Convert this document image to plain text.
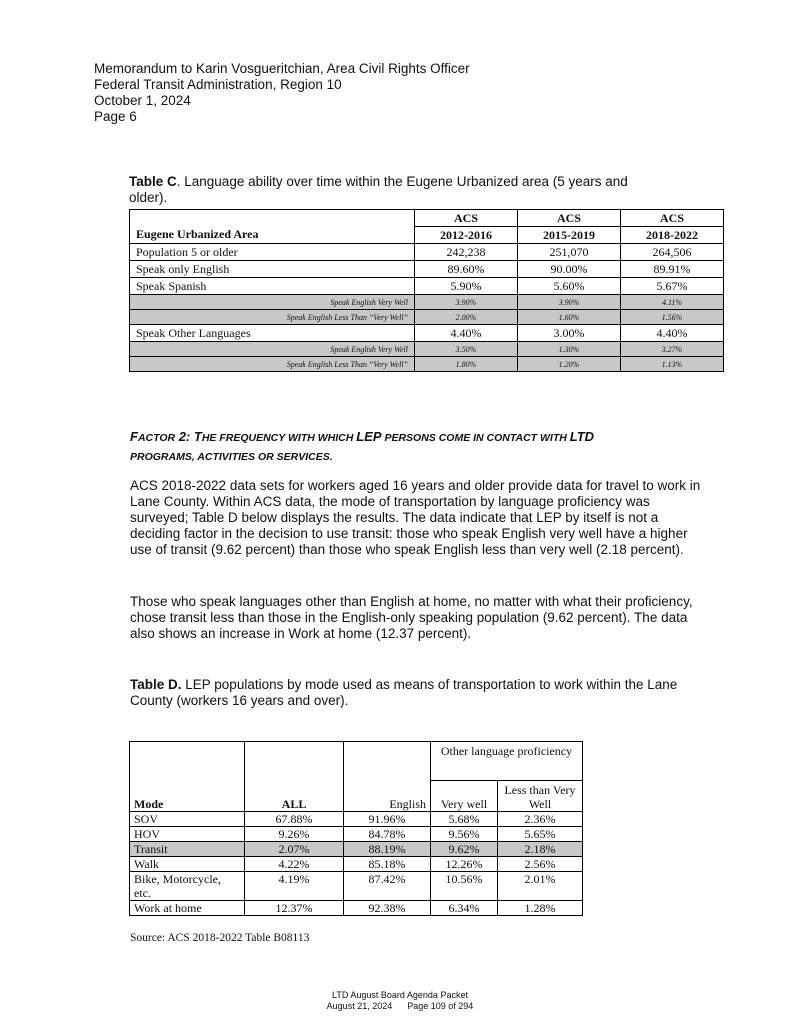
Memorandum to Karin Vosgueritchian, Area Civil Rights Officer
Federal Transit Administration, Region 10
October 1, 2024
Page 6
Table C. Language ability over time within the Eugene Urbanized area (5 years and older).
	ACS	ACS	ACS
Eugene Urbanized Area	2012-2016	2015-2019	2018-2022
Population 5 or older	242,238	251,070	264,506
Speak only English	89.60%	90.00%	89.91%
Speak Spanish	5.90%	5.60%	5.67%
Speak English Very Well	3.90%	3.90%	4.11%
Speak English Less Than “Very Well”	2.00%	1.60%	1.56%
Speak Other Languages	4.40%	3.00%	4.40%
Speak English Very Well	3.50%	1.30%	3.27%
Speak English Less Than “Very Well”	1.80%	1.20%	1.13%
FACTOR 2: THE FREQUENCY WITH WHICH LEP PERSONS COME IN CONTACT WITH LTD
PROGRAMS, ACTIVITIES OR SERVICES.
ACS 2018-2022 data sets for workers aged 16 years and older provide data for travel to work in Lane County. Within ACS data, the mode of transportation by language proficiency was surveyed; Table D below displays the results. The data indicate that LEP by itself is not a deciding factor in the decision to use transit: those who speak English very well have a higher use of transit (9.62 percent) than those who speak English less than very well (2.18 percent).
Those who speak languages other than English at home, no matter with what their proficiency, chose transit less than those in the English-only speaking population (9.62 percent). The data also shows an increase in Work at home (12.37 percent).
Table D. LEP populations by mode used as means of transportation to work within the Lane County (workers 16 years and over).
			Other language proficiency	
Mode	ALL	English	Very well	Less than Very Well
SOV	67.88%	91.96%	5.68%	2.36%
HOV	9.26%	84.78%	9.56%	5.65%
Transit	2.07%	88.19%	9.62%	2.18%
Walk	4.22%	85.18%	12.26%	2.56%
Bike, Motorcycle, etc.	4.19%	87.42%	10.56%	2.01%
Work at home	12.37%	92.38%	6.34%	1.28%
Source: ACS 2018-2022 Table B08113
LTD August Board Agenda Packet
August 21, 2024 Page 109 of 294
